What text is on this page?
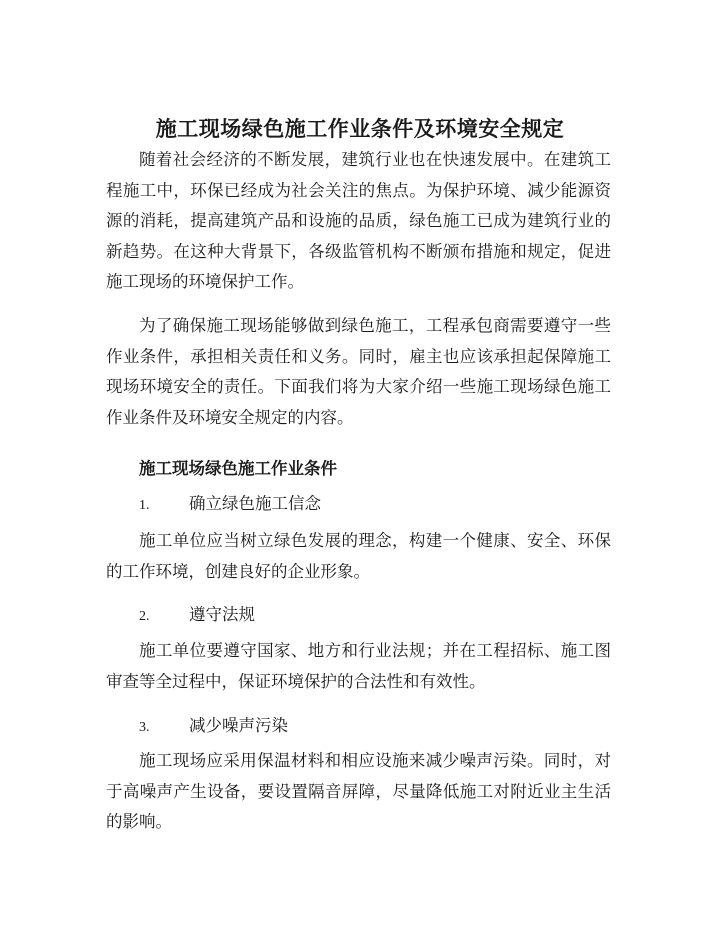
施工现场绿色施工作业条件及环境安全规定

随着社会经济的不断发展，建筑行业也在快速发展中。在建筑工程施工中，环保已经成为社会关注的焦点。为保护环境、减少能源资源的消耗，提高建筑产品和设施的品质，绿色施工已成为建筑行业的新趋势。在这种大背景下，各级监管机构不断颁布措施和规定，促进施工现场的环境保护工作。

为了确保施工现场能够做到绿色施工，工程承包商需要遵守一些作业条件，承担相关责任和义务。同时，雇主也应该承担起保障施工现场环境安全的责任。下面我们将为大家介绍一些施工现场绿色施工作业条件及环境安全规定的内容。

施工现场绿色施工作业条件
1. 确立绿色施工信念

施工单位应当树立绿色发展的理念，构建一个健康、安全、环保的工作环境，创建良好的企业形象。

2. 遵守法规

施工单位要遵守国家、地方和行业法规；并在工程招标、施工图审查等全过程中，保证环境保护的合法性和有效性。

3. 减少噪声污染

施工现场应采用保温材料和相应设施来减少噪声污染。同时，对于高噪声产生设备，要设置隔音屏障，尽量降低施工对附近业主生活的影响。
